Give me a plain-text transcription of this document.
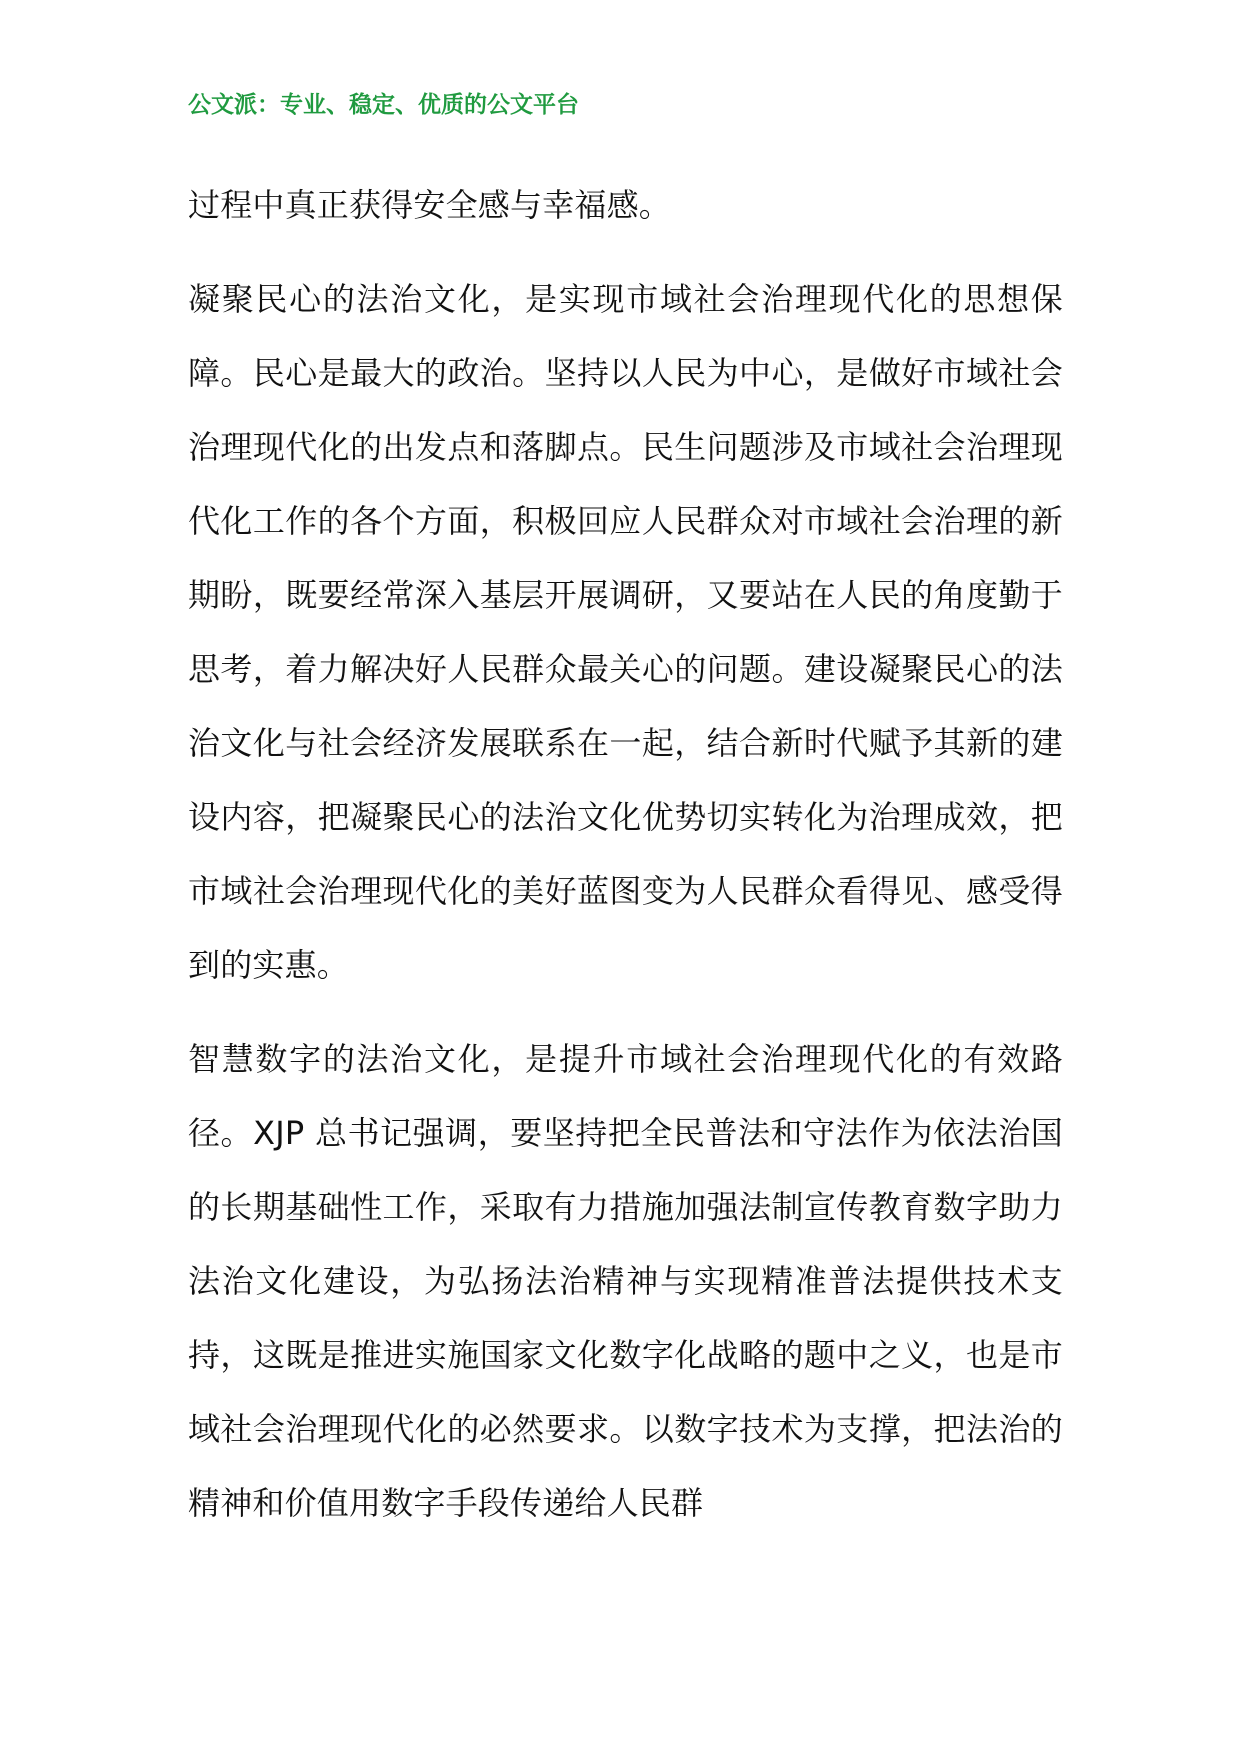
公文派：专业、稳定、优质的公文平台

过程中真正获得安全感与幸福感。

凝聚民心的法治文化，是实现市域社会治理现代化的思想保障。民心是最大的政治。坚持以人民为中心，是做好市域社会治理现代化的出发点和落脚点。民生问题涉及市域社会治理现代化工作的各个方面，积极回应人民群众对市域社会治理的新期盼，既要经常深入基层开展调研，又要站在人民的角度勤于思考，着力解决好人民群众最关心的问题。建设凝聚民心的法治文化与社会经济发展联系在一起，结合新时代赋予其新的建设内容，把凝聚民心的法治文化优势切实转化为治理成效，把市域社会治理现代化的美好蓝图变为人民群众看得见、感受得到的实惠。

智慧数字的法治文化，是提升市域社会治理现代化的有效路径。XJP 总书记强调，要坚持把全民普法和守法作为依法治国的长期基础性工作，采取有力措施加强法制宣传教育数字助力法治文化建设，为弘扬法治精神与实现精准普法提供技术支持，这既是推进实施国家文化数字化战略的题中之义，也是市域社会治理现代化的必然要求。以数字技术为支撑，把法治的精神和价值用数字手段传递给人民群
